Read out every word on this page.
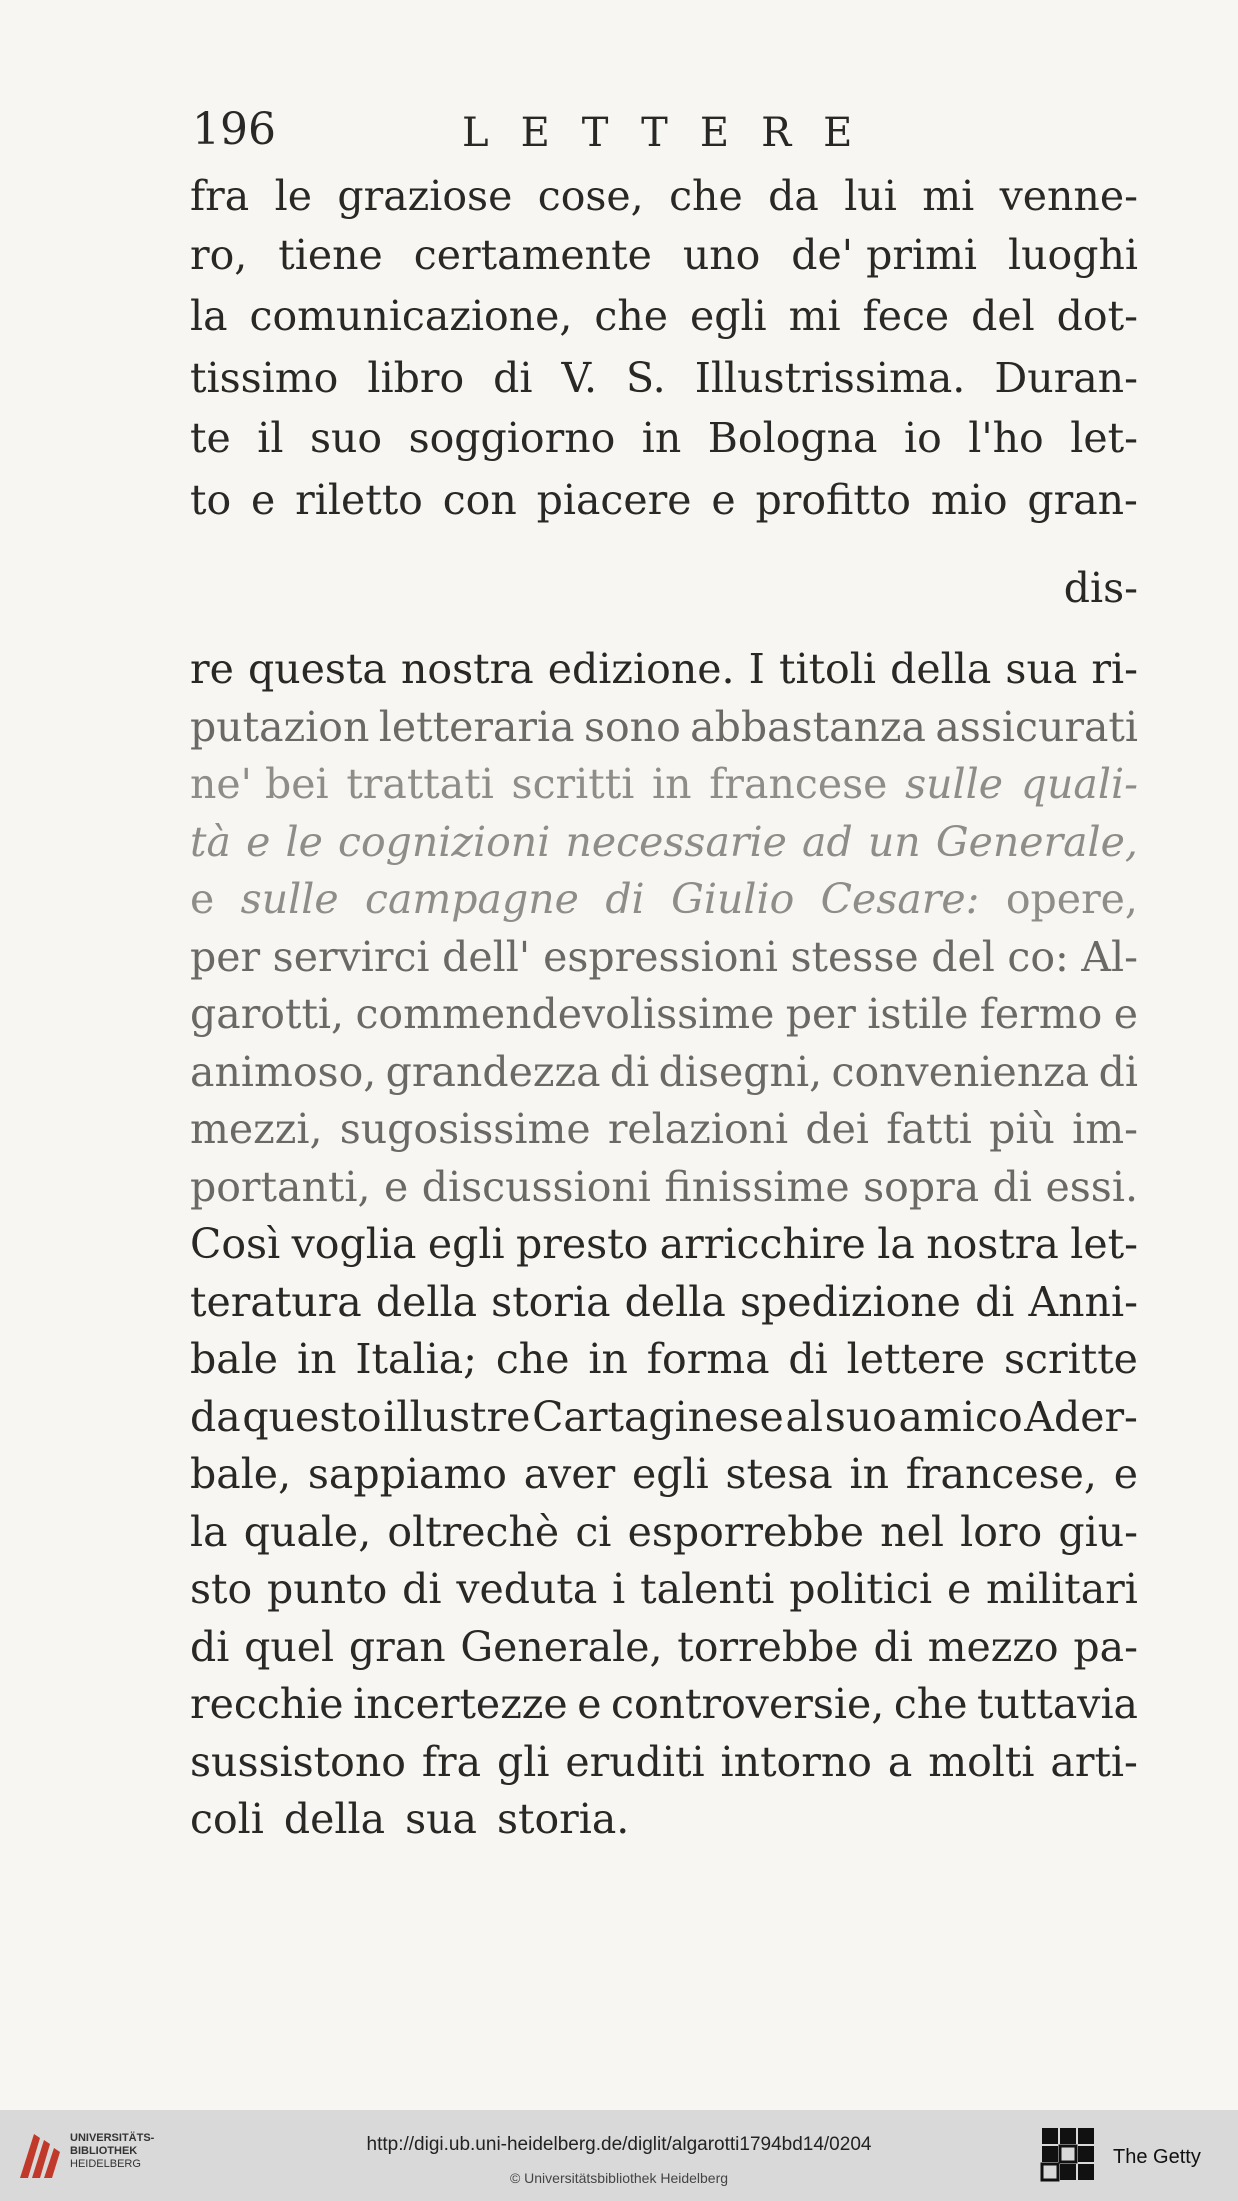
196	LETTERE
fra le graziose cose, che da lui mi venne-
ro, tiene certamente uno de' primi luoghi
la comunicazione, che egli mi fece del dot-
tissimo libro di V. S. Illustrissima. Duran-
te il suo soggiorno in Bologna io l'ho let-
to e riletto con piacere e profitto mio gran-
dis-
re questa nostra edizione. I titoli della sua ri-
putazion letteraria sono abbastanza assicurati
ne' bei trattati scritti in francese sulle quali-
tà e le cognizioni necessarie ad un Generale,
e sulle campagne di Giulio Cesare: opere,
per servirci dell' espressioni stesse del co: Al-
garotti, commendevolissime per istile fermo e
animoso, grandezza di disegni, convenienza di
mezzi, sugosissime relazioni dei fatti più im-
portanti, e discussioni finissime sopra di essi.
Così voglia egli presto arricchire la nostra let-
teratura della storia della spedizione di Anni-
bale in Italia; che in forma di lettere scritte
da questo illustre Cartaginese al suo amico Ader-
bale, sappiamo aver egli stesa in francese, e
la quale, oltrechè ci esporrebbe nel loro giu-
sto punto di veduta i talenti politici e militari
di quel gran Generale, torrebbe di mezzo pa-
recchie incertezze e controversie, che tuttavia
sussistono fra gli eruditi intorno a molti arti-
coli della sua storia.
UNIVERSITÄTS-
BIBLIOTHEK
HEIDELBERG
http://digi.ub.uni-heidelberg.de/diglit/algarotti1794bd14/0204
© Universitätsbibliothek Heidelberg
The Getty
